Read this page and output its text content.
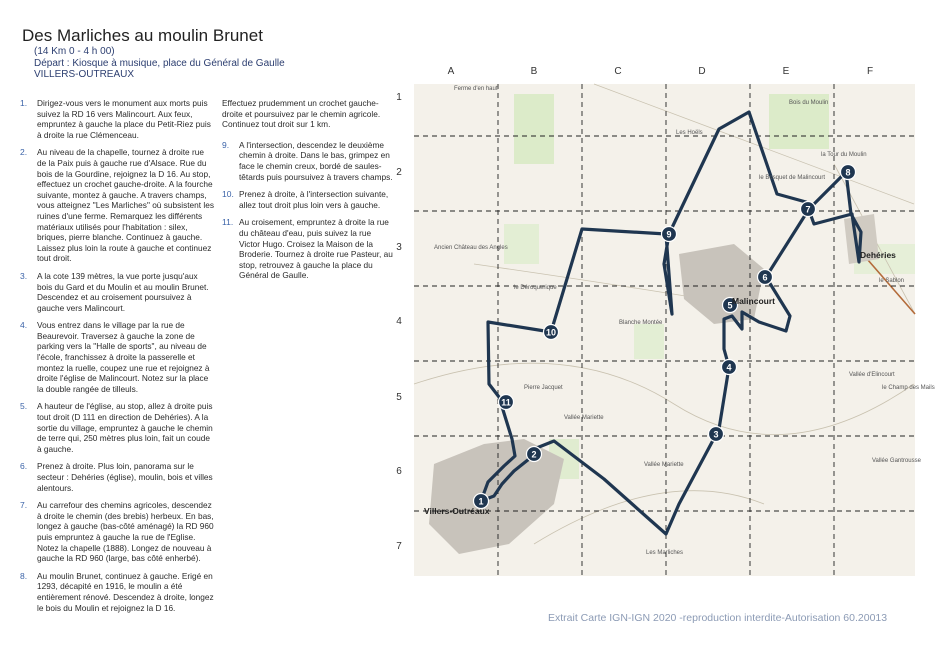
Des Marliches au moulin Brunet
(14 Km 0 - 4 h 00)
Départ : Kiosque à musique, place du Général de Gaulle
VILLERS-OUTREAUX
1.	Dirigez-vous vers le monument aux morts puis suivez la RD 16 vers Malincourt. Aux feux, empruntez à gauche la place du Petit-Riez puis à droite la rue Clémenceau.
2.	Au niveau de la chapelle, tournez à droite rue de la Paix puis à gauche rue d'Alsace. Rue du bois de la Gourdine, rejoignez la D 16. Au stop, effectuez un crochet gauche-droite. A la fourche suivante, montez à gauche. A travers champs, vous atteignez "Les Marliches" où subsistent les ruines d'une ferme. Remarquez les différents matériaux utilisés pour l'habitation : silex, briques, pierre blanche. Continuez à gauche. Laissez plus loin la route à gauche et continuez tout droit.
3.	A la cote 139 mètres, la vue porte jusqu'aux bois du Gard et du Moulin et au moulin Brunet. Descendez et au croisement poursuivez à gauche vers Malincourt.
4.	Vous entrez dans le village par la rue de Beaurevoir. Traversez à gauche la zone de parking vers la "Halle de sports", au niveau de l'école, franchissez à droite la passerelle et montez la ruelle, coupez une rue et rejoignez à droite l'église de Malincourt. Notez sur la place la double rangée de tilleuls.
5.	A hauteur de l'église, au stop, allez à droite puis tout droit (D 111 en direction de Dehéries). A la sortie du village, empruntez à gauche le chemin de terre qui, 250 mètres plus loin, fait un coude à gauche.
6.	Prenez à droite. Plus loin, panorama sur le secteur : Dehéries (église), moulin, bois et villes alentours.
7.	Au carrefour des chemins agricoles, descendez à droite le chemin (des brebis) herbeux. En bas, longez à gauche (bas-côté aménagé) la RD 960 puis empruntez à gauche la rue de l'Eglise. Notez la chapelle (1888). Longez de nouveau à gauche la RD 960 (large, bas côté enherbé).
8.	Au moulin Brunet, continuez à gauche. Erigé en 1293, décapité en 1916, le moulin a été entièrement rénové. Descendez à droite, longez le bois du Moulin et rejoignez la D 16.
Effectuez prudemment un crochet gauche-droite et poursuivez par le chemin agricole. Continuez tout droit sur 1 km.
9.	A l'intersection, descendez le deuxième chemin à droite. Dans le bas, grimpez en face le chemin creux, bordé de saules-têtards puis poursuivez à travers champs.
10. Prenez à droite, à l'intersection suivante, allez tout droit plus loin vers à gauche.
11. Au croisement, empruntez à droite la rue du château d'eau, puis suivez la rue Victor Hugo. Croisez la Maison de la Broderie. Tournez à droite rue Pasteur, au stop, retrouvez à gauche la place du Général de Gaulle.
A	B	C	D	E	F
1
2
3
4
5
6
7
1
2
3
4
5
6
7
8
9
10
11
Bois du Moulin
Ferme d'en haut
Malincourt
Dehéries
Villers-Outréaux
Ancien Château des Angles
le Déroquerique
Blanche Montée
Pierre Jacquet
Vallée Mariette
Vallée Mariette
Les Marliches
le Bosquet de Malincourt
la Tour du Moulin
le Sablon
le Champ des Mails
Vallée Gantrousse
Les Hoëls
Vallée d'Elincourt
Extrait Carte IGN-IGN 2020 -reproduction interdite-Autorisation 60.20013
